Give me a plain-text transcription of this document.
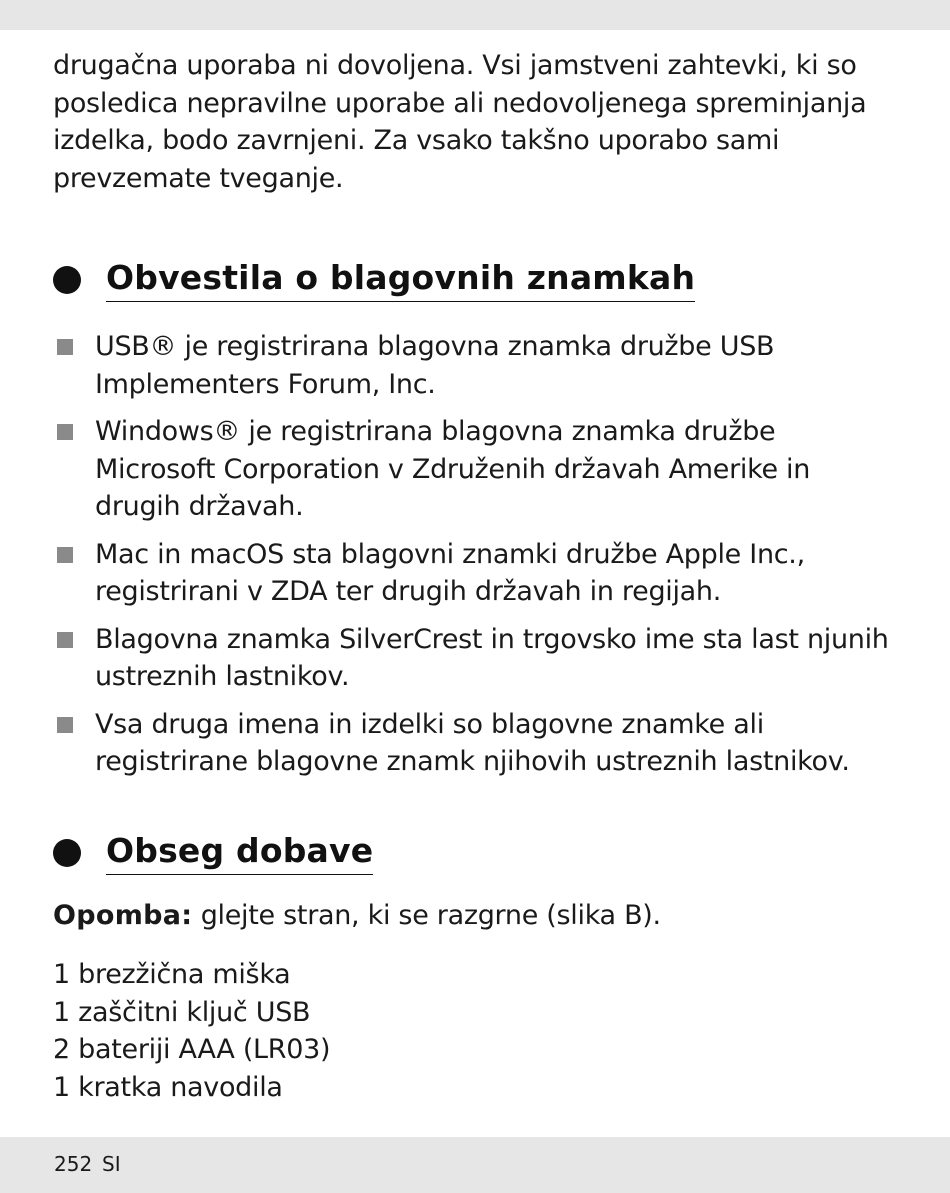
drugačna uporaba ni dovoljena. Vsi jamstveni zahtevki, ki so
posledica nepravilne uporabe ali nedovoljenega spreminjanja
izdelka, bodo zavrnjeni. Za vsako takšno uporabo sami
prevzemate tveganje.

Obvestila o blagovnih znamkah
USB® je registrirana blagovna znamka družbe USB
Implementers Forum, Inc.
Windows® je registrirana blagovna znamka družbe
Microsoft Corporation v Združenih državah Amerike in
drugih državah.
Mac in macOS sta blagovni znamki družbe Apple Inc.,
registrirani v ZDA ter drugih državah in regijah.
Blagovna znamka SilverCrest in trgovsko ime sta last njunih
ustreznih lastnikov.
Vsa druga imena in izdelki so blagovne znamke ali
registrirane blagovne znamk njihovih ustreznih lastnikov.
Obseg dobave
Opomba: glejte stran, ki se razgrne (slika B).
1 brezžična miška
1 zaščitni ključ USB
2 bateriji AAA (LR03)
1 kratka navodila
252 SI
